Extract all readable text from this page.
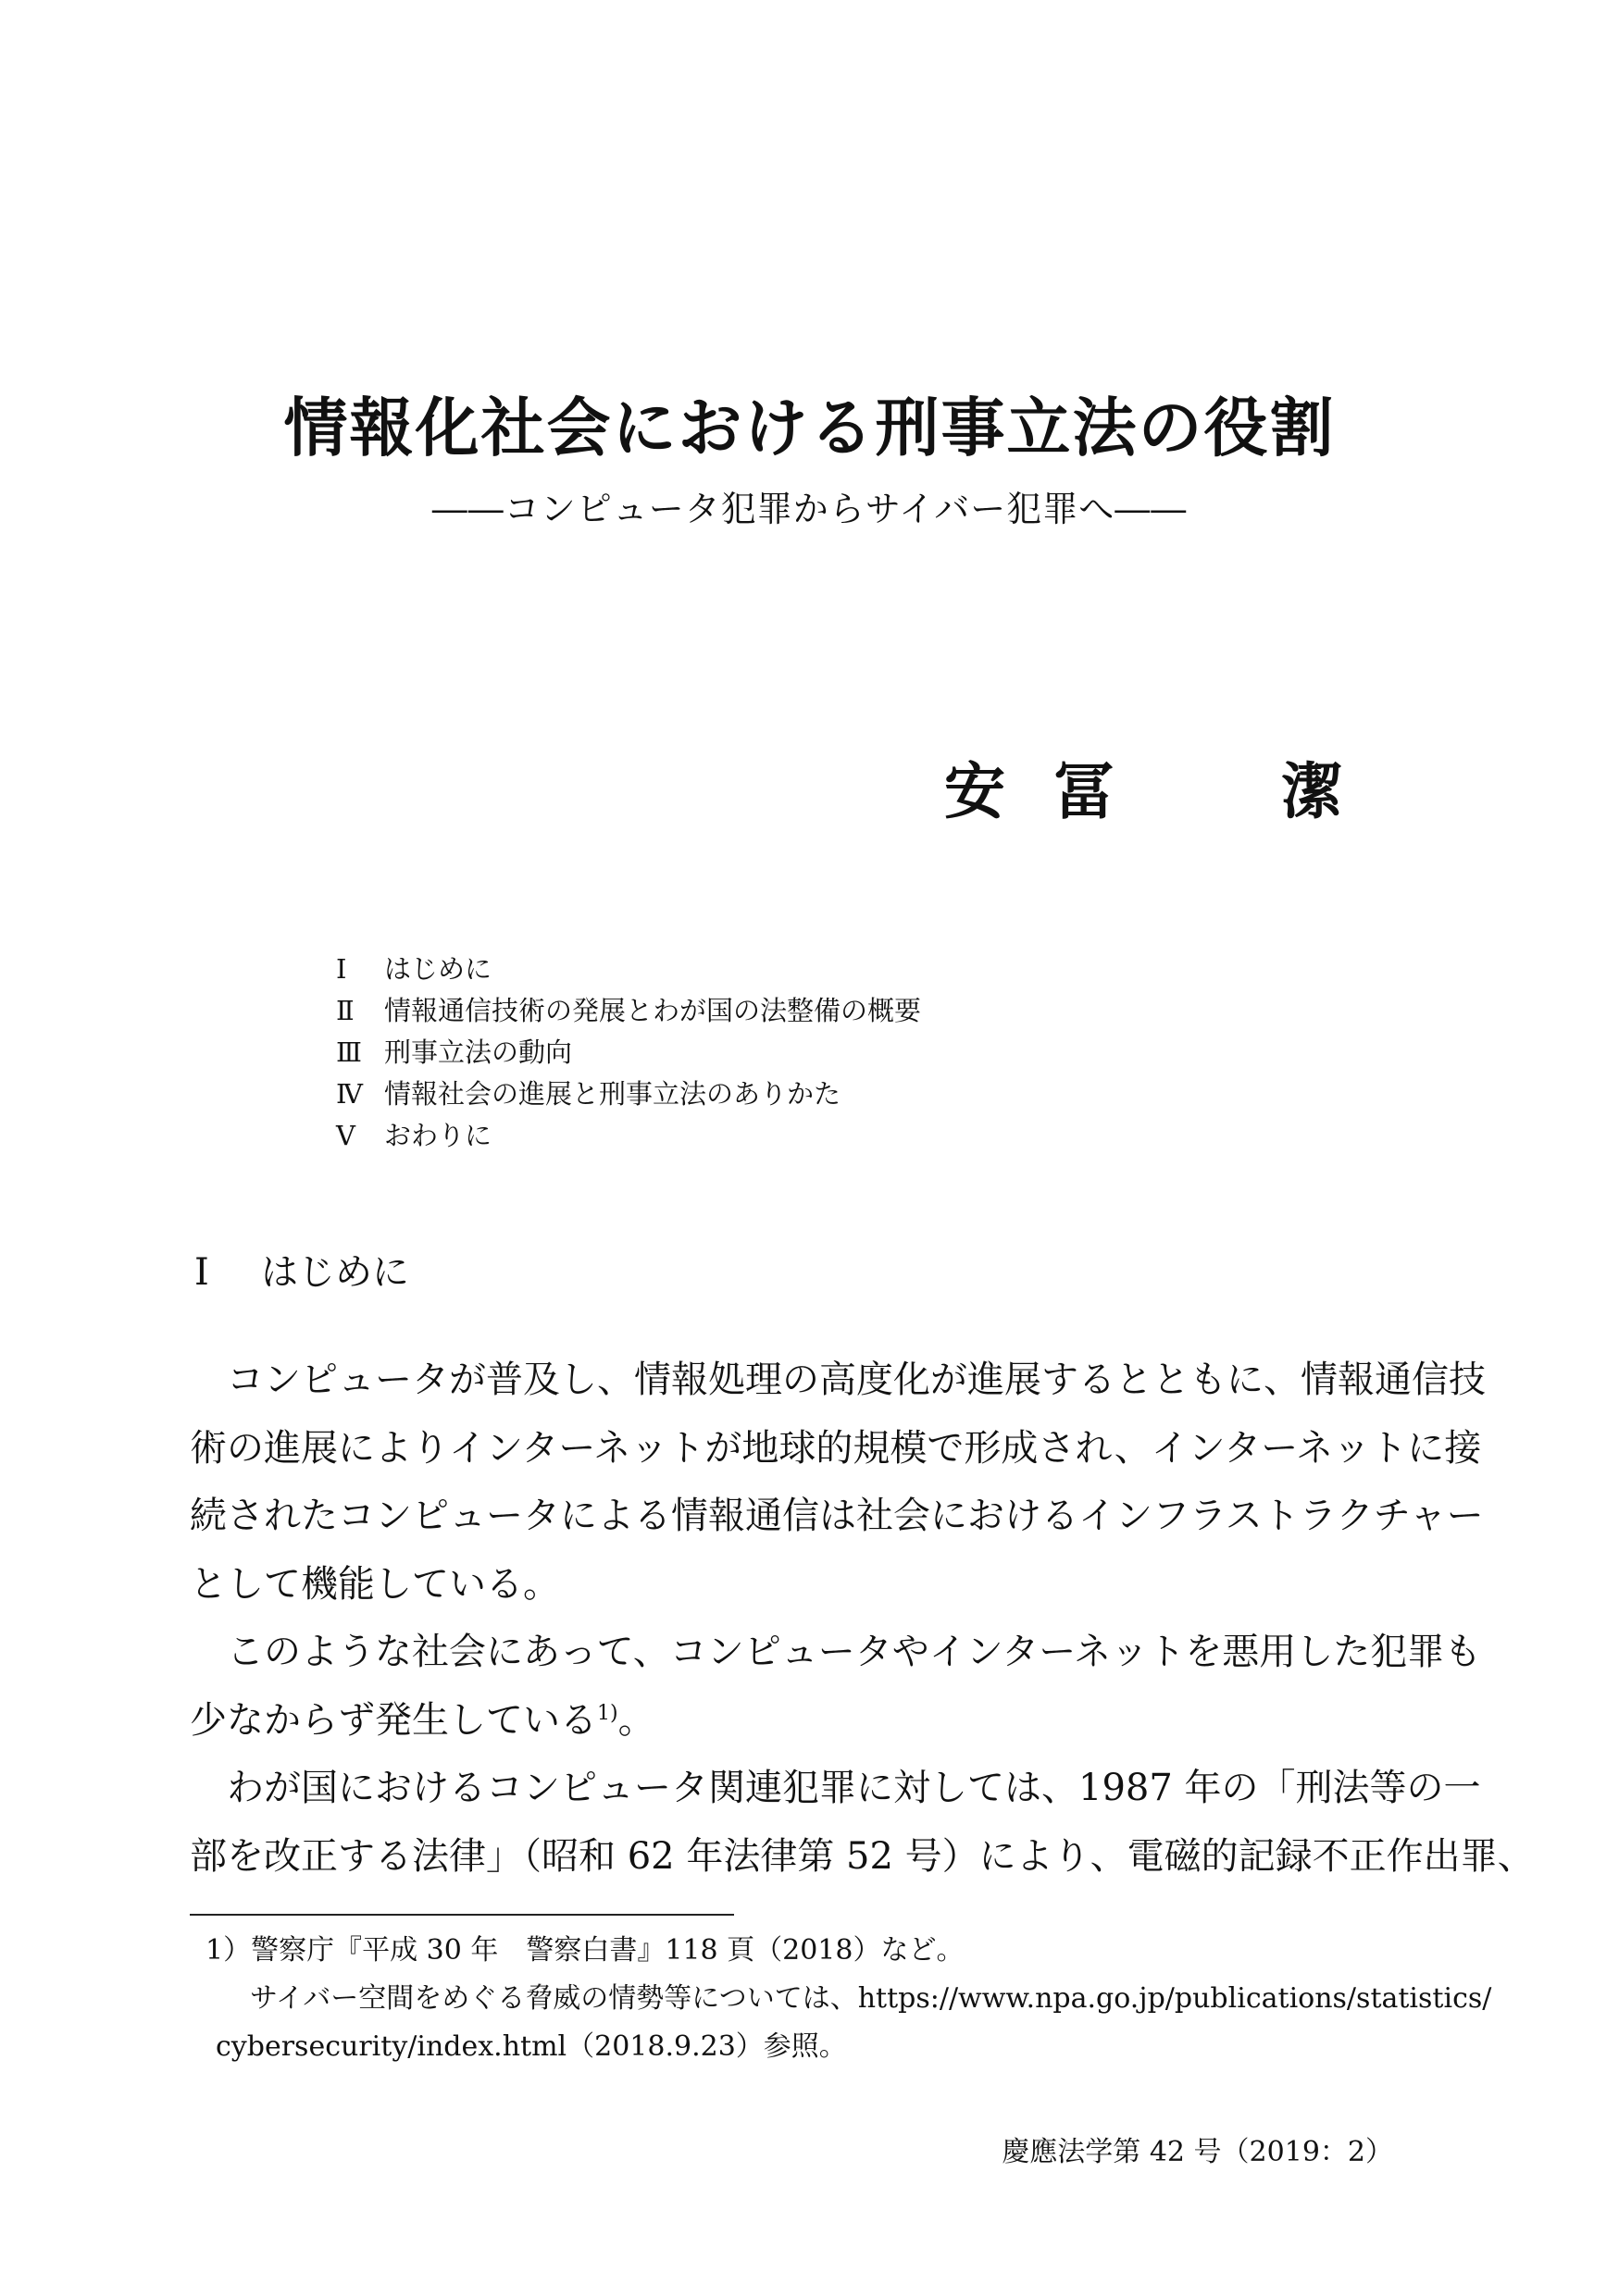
情報化社会における刑事立法の役割
――コンピュータ犯罪からサイバー犯罪へ――
安 冨	潔
Ⅰ	はじめに
Ⅱ	情報通信技術の発展とわが国の法整備の概要
Ⅲ 刑事立法の動向
Ⅳ 情報社会の進展と刑事立法のありかた
Ⅴ	おわりに
Ⅰ はじめに

コンピュータが普及し、情報処理の高度化が進展するとともに、情報通信技
術の進展によりインターネットが地球的規模で形成され、インターネットに接
続されたコンピュータによる情報通信は社会におけるインフラストラクチャー
として機能している。

このような社会にあって、コンピュータやインターネットを悪用した犯罪も
少なからず発生している$^{1)}$。

わが国におけるコンピュータ関連犯罪に対しては、1987 年の「刑法等の一
部を改正する法律」（昭和 62 年法律第 52 号）により、電磁的記録不正作出罪、

1）警察庁『平成 30 年　警察白書』118 頁（2018）など。
サイバー空間をめぐる脅威の情勢等については、https://www.npa.go.jp/publications/statistics/
cybersecurity/index.html（2018.9.23）参照。
慶應法学第 42 号（2019：2）
